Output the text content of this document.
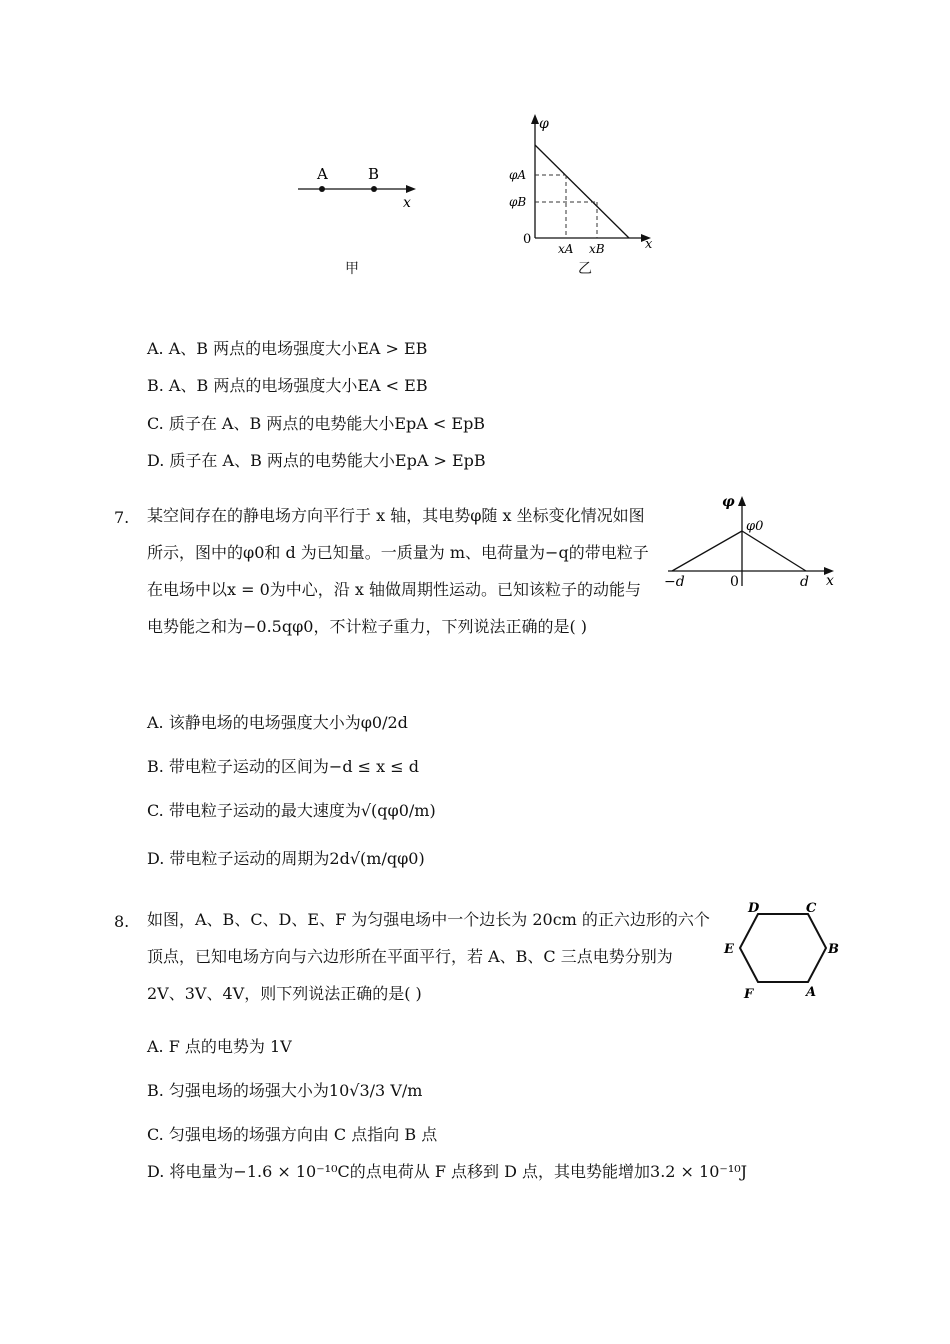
A	B
x
甲
φ
φA
φB
0
xA xB	x
乙
A. A、B 两点的电场强度大小EA > EB
B. A、B 两点的电场强度大小EA < EB
C. 质子在 A、B 两点的电势能大小EpA < EpB
D. 质子在 A、B 两点的电势能大小EpA > EpB
7. 某空间存在的静电场方向平行于 x 轴，其电势φ随 x 坐标变化情况如图
所示，图中的φ0和 d 为已知量。一质量为 m、电荷量为−q的带电粒子
在电场中以x = 0为中心，沿 x 轴做周期性运动。已知该粒子的动能与
电势能之和为−0.5qφ0，不计粒子重力，下列说法正确的是( )
φ
φ0
−d	0	d x
A. 该静电场的电场强度大小为φ0/2d
B. 带电粒子运动的区间为−d ≤ x ≤ d
C. 带电粒子运动的最大速度为√(qφ0/m)
D. 带电粒子运动的周期为2d√(m/qφ0)
8. 如图，A、B、C、D、E、F 为匀强电场中一个边长为 20cm 的正六边形的六个
顶点，已知电场方向与六边形所在平面平行，若 A、B、C 三点电势分别为
2V、3V、4V，则下列说法正确的是( )
D	C
E	B
F	A
A. F 点的电势为 1V
B. 匀强电场的场强大小为10√3/3 V/m
C. 匀强电场的场强方向由 C 点指向 B 点
D. 将电量为−1.6 × 10⁻¹⁰C的点电荷从 F 点移到 D 点，其电势能增加3.2 × 10⁻¹⁰J
